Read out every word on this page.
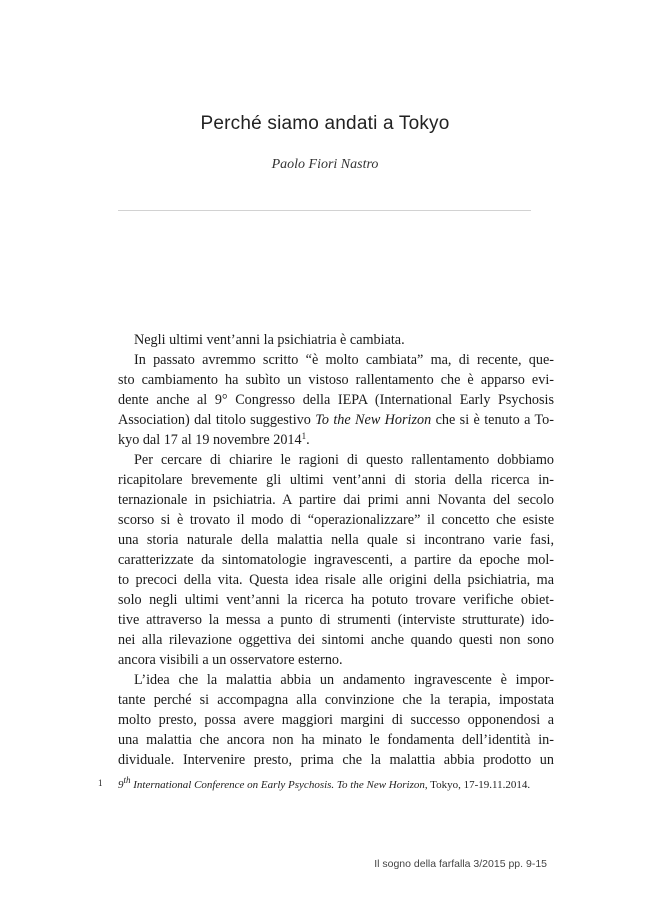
Perché siamo andati a Tokyo
Paolo Fiori Nastro
Negli ultimi vent’anni la psichiatria è cambiata.
In passato avremmo scritto “è molto cambiata” ma, di recente, que-
sto cambiamento ha subìto un vistoso rallentamento che è apparso evi-
dente anche al 9° Congresso della IEPA (International Early Psychosis
Association) dal titolo suggestivo To the New Horizon che si è tenuto a To-
kyo dal 17 al 19 novembre 2014$^1$.
Per cercare di chiarire le ragioni di questo rallentamento dobbiamo
ricapitolare brevemente gli ultimi vent’anni di storia della ricerca in-
ternazionale in psichiatria. A partire dai primi anni Novanta del secolo
scorso si è trovato il modo di “operazionalizzare” il concetto che esiste
una storia naturale della malattia nella quale si incontrano varie fasi,
caratterizzate da sintomatologie ingravescenti, a partire da epoche mol-
to precoci della vita. Questa idea risale alle origini della psichiatria, ma
solo negli ultimi vent’anni la ricerca ha potuto trovare verifiche obiet-
tive attraverso la messa a punto di strumenti (interviste strutturate) ido-
nei alla rilevazione oggettiva dei sintomi anche quando questi non sono
ancora visibili a un osservatore esterno.
L’idea che la malattia abbia un andamento ingravescente è impor-
tante perché si accompagna alla convinzione che la terapia, impostata
molto presto, possa avere maggiori margini di successo opponendosi a
una malattia che ancora non ha minato le fondamenta dell’identità in-
dividuale. Intervenire presto, prima che la malattia abbia prodotto un
1 9th International Conference on Early Psychosis. To the New Horizon, Tokyo, 17-19.11.2014.
Il sogno della farfalla 3/2015 pp. 9-15
